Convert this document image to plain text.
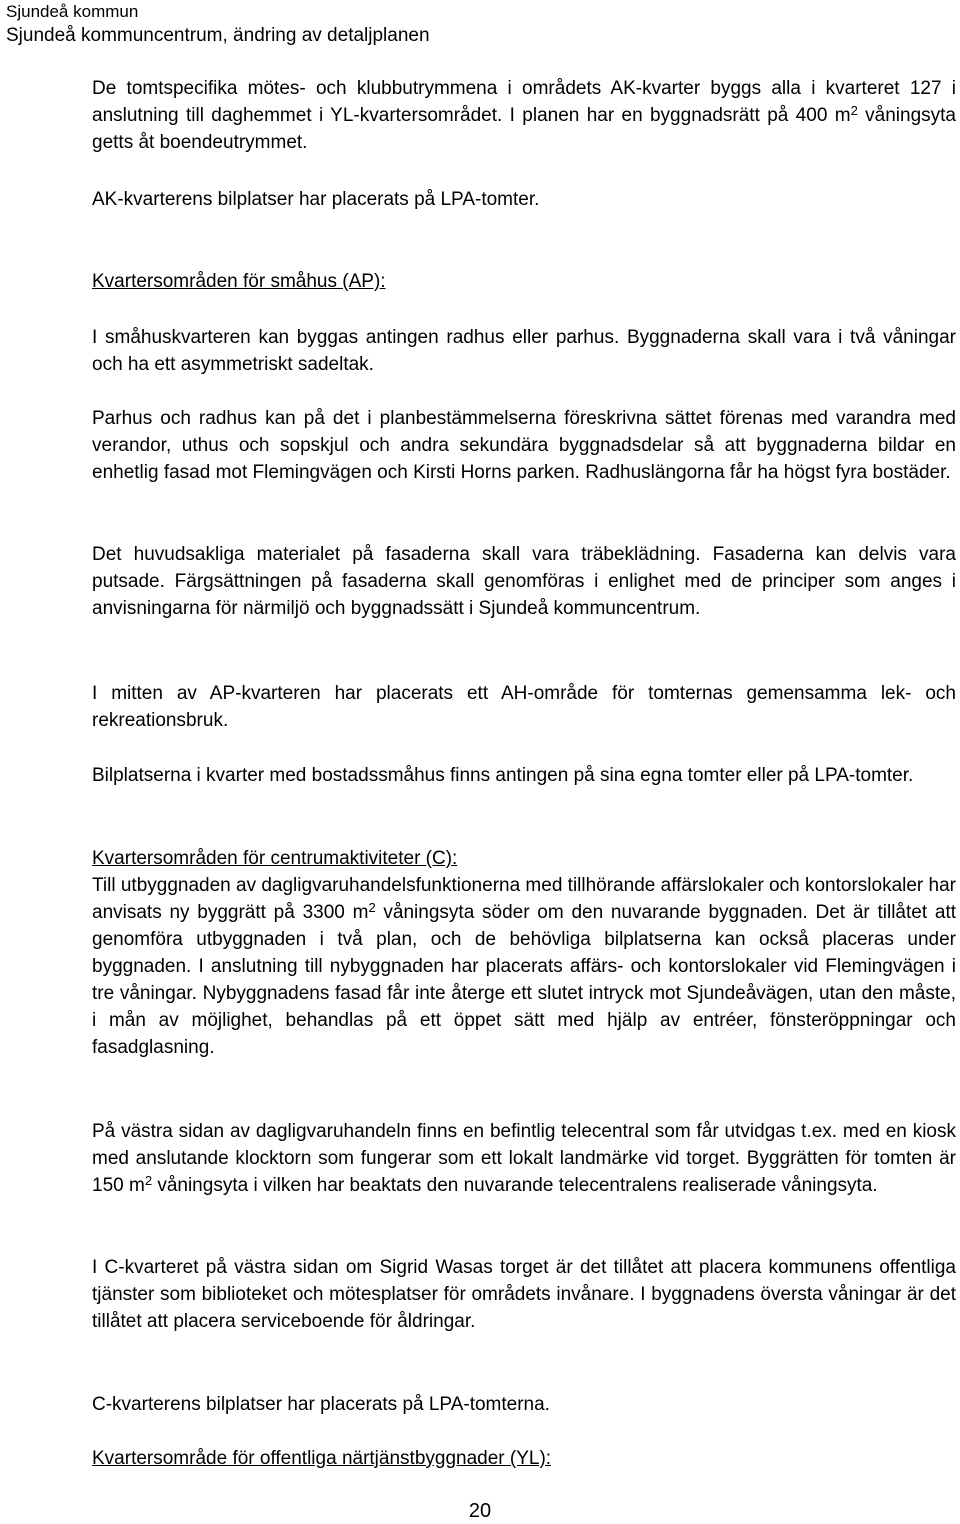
Sjundeå kommun
Sjundeå kommuncentrum, ändring av detaljplanen

De tomtspecifika mötes- och klubbutrymmena i områdets AK-kvarter byggs alla i kvarteret 127 i anslutning till daghemmet i YL-kvartersområdet. I planen har en byggnadsrätt på 400 $m^2$ våningsyta getts åt boendeutrymmet.

AK-kvarterens bilplatser har placerats på LPA-tomter.

Kvartersområden för småhus (AP):

I småhuskvarteren kan byggas antingen radhus eller parhus. Byggnaderna skall vara i två våningar och ha ett asymmetriskt sadeltak.

Parhus och radhus kan på det i planbestämmelserna föreskrivna sättet förenas med varandra med verandor, uthus och sopskjul och andra sekundära byggnadsdelar så att byggnaderna bildar en enhetlig fasad mot Flemingvägen och Kirsti Horns parken. Radhuslängorna får ha högst fyra bostäder.

Det huvudsakliga materialet på fasaderna skall vara träbeklädning. Fasaderna kan delvis vara putsade. Färgsättningen på fasaderna skall genomföras i enlighet med de principer som anges i anvisningarna för närmiljö och byggnadssätt i Sjundeå kommuncentrum.

I mitten av AP-kvarteren har placerats ett AH-område för tomternas gemensamma lek- och rekreationsbruk.

Bilplatserna i kvarter med bostadssmåhus finns antingen på sina egna tomter eller på LPA-tomter.

Kvartersområden för centrumaktiviteter (C):

Till utbyggnaden av dagligvaruhandelsfunktionerna med tillhörande affärslokaler och kontorslokaler har anvisats ny byggrätt på 3300 $m^2$ våningsyta söder om den nuvarande byggnaden. Det är tillåtet att genomföra utbyggnaden i två plan, och de behövliga bilplatserna kan också placeras under byggnaden. I anslutning till nybyggnaden har placerats affärs- och kontorslokaler vid Flemingvägen i tre våningar. Nybyggnadens fasad får inte återge ett slutet intryck mot Sjundeåvägen, utan den måste, i mån av möjlighet, behandlas på ett öppet sätt med hjälp av entréer, fönsteröppningar och fasadglasning.

På västra sidan av dagligvaruhandeln finns en befintlig telecentral som får utvidgas t.ex. med en kiosk med anslutande klocktorn som fungerar som ett lokalt landmärke vid torget. Byggrätten för tomten är 150 $m^2$ våningsyta i vilken har beaktats den nuvarande telecentralens realiserade våningsyta.

I C-kvarteret på västra sidan om Sigrid Wasas torget är det tillåtet att placera kommunens offentliga tjänster som biblioteket och mötesplatser för områdets invånare. I byggnadens översta våningar är det tillåtet att placera serviceboende för åldringar.

C-kvarterens bilplatser har placerats på LPA-tomterna.

Kvartersområde för offentliga närtjänstbyggnader (YL):

20
